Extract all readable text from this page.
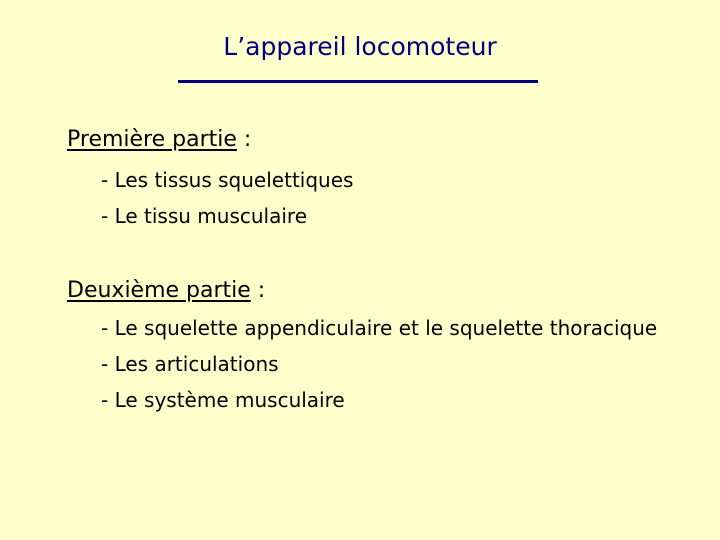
L’appareil locomoteur
Première partie :
- Les tissus squelettiques
- Le tissu musculaire
Deuxième partie :
- Le squelette appendiculaire et le squelette thoracique
- Les articulations
- Le système musculaire
